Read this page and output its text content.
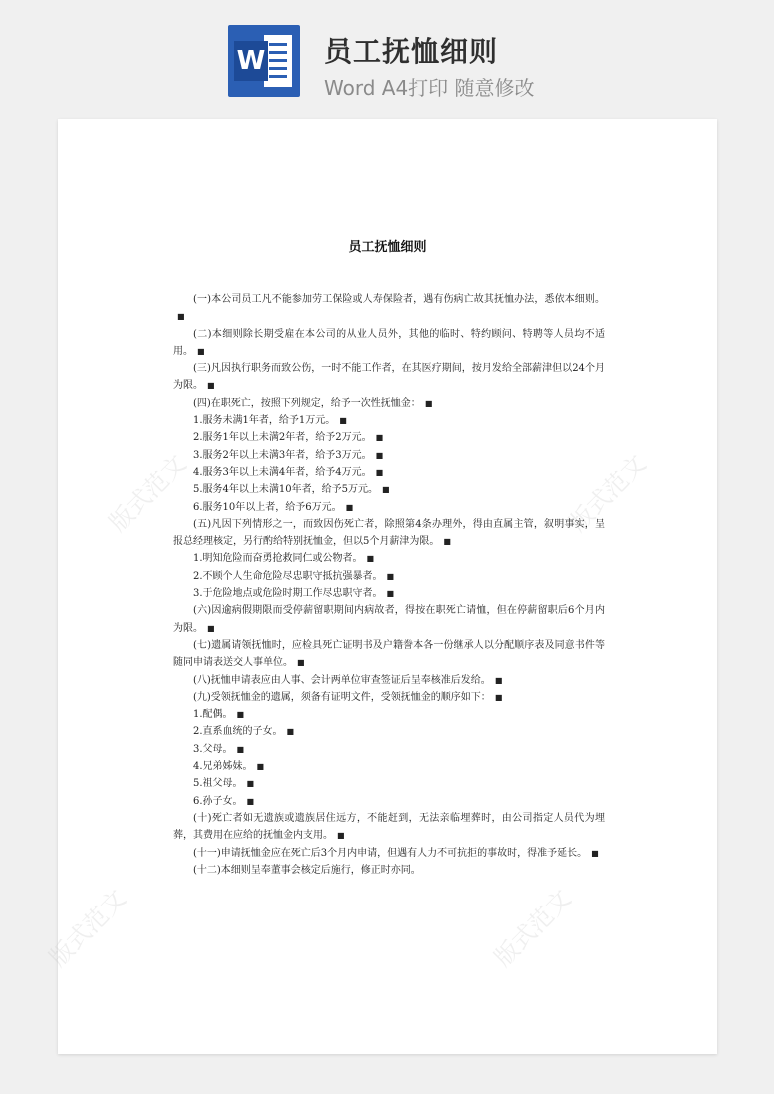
W 员工抚恤细则
Word A4打印 随意修改
版式范文	版式范文
版式范文	版式范文
员工抚恤细则

(一)本公司员工凡不能参加劳工保险或人寿保险者，遇有伤病亡故其抚恤办法，悉依本细则。■

(二)本细则除长期受雇在本公司的从业人员外，其他的临时、特约顾问、特聘等人员均不适用。 ■

(三)凡因执行职务而致公伤，一时不能工作者，在其医疗期间，按月发给全部薪津但以24个月为限。 ■

(四)在职死亡，按照下列规定，给予一次性抚恤金： ■

1.服务未满1年者，给予1万元。 ■

2.服务1年以上未满2年者，给予2万元。 ■

3.服务2年以上未满3年者，给予3万元。 ■

4.服务3年以上未满4年者，给予4万元。 ■

5.服务4年以上未满10年者，给予5万元。 ■

6.服务10年以上者，给予6万元。 ■

(五)凡因下列情形之一，而致因伤死亡者，除照第4条办理外，得由直属主管，叙明事实，呈报总经理核定，另行酌给特别抚恤金，但以5个月薪津为限。 ■

1.明知危险而奋勇抢救同仁或公物者。 ■

2.不顾个人生命危险尽忠职守抵抗强暴者。 ■

3.于危险地点或危险时期工作尽忠职守者。 ■

(六)因逾病假期限而受停薪留职期间内病故者，得按在职死亡请恤，但在停薪留职后6个月内为限。 ■

(七)遗属请领抚恤时，应检具死亡证明书及户籍誊本各一份继承人以分配顺序表及同意书件等随同申请表送交人事单位。 ■

(八)抚恤申请表应由人事、会计两单位审查签证后呈奉核准后发给。 ■

(九)受领抚恤金的遗属，须备有证明文件，受领抚恤金的顺序如下： ■

1.配偶。 ■

2.直系血统的子女。 ■

3.父母。 ■

4.兄弟姊妹。 ■

5.祖父母。 ■

6.孙子女。 ■

(十)死亡者如无遗族或遗族居住远方，不能赶到，无法亲临埋葬时，由公司指定人员代为埋葬，其费用在应给的抚恤金内支用。 ■

(十一)申请抚恤金应在死亡后3个月内申请，但遇有人力不可抗拒的事故时，得准予延长。 ■

(十二)本细则呈奉董事会核定后施行，修正时亦同。
